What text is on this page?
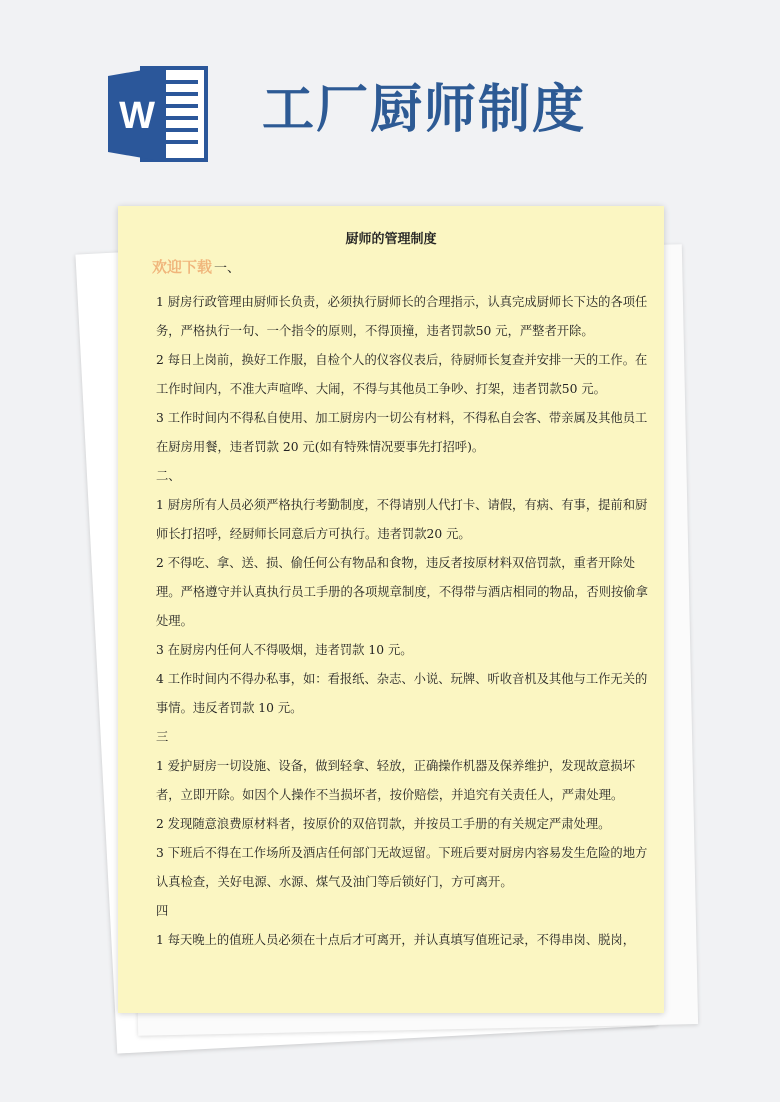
W 工厂厨师制度
厨师的管理制度
欢迎下载 一、

1 厨房行政管理由厨师长负责，必须执行厨师长的合理指示，认真完成厨师长下达的各项任务，严格执行一句、一个指令的原则，不得顶撞，违者罚款50 元，严整者开除。

2 每日上岗前，换好工作服，自检个人的仪容仪表后，待厨师长复查并安排一天的工作。在工作时间内，不准大声喧哗、大闹，不得与其他员工争吵、打架，违者罚款50 元。

3 工作时间内不得私自使用、加工厨房内一切公有材料，不得私自会客、带亲属及其他员工在厨房用餐，违者罚款 20 元(如有特殊情况要事先打招呼)。

二、

1 厨房所有人员必须严格执行考勤制度，不得请别人代打卡、请假，有病、有事，提前和厨师长打招呼，经厨师长同意后方可执行。违者罚款20 元。

2 不得吃、拿、送、损、偷任何公有物品和食物，违反者按原材料双倍罚款，重者开除处理。严格遵守并认真执行员工手册的各项规章制度，不得带与酒店相同的物品，否则按偷拿处理。

3 在厨房内任何人不得吸烟，违者罚款 10 元。

4 工作时间内不得办私事，如：看报纸、杂志、小说、玩牌、听收音机及其他与工作无关的事情。违反者罚款 10 元。

三

1 爱护厨房一切设施、设备，做到轻拿、轻放，正确操作机器及保养维护，发现故意损坏者，立即开除。如因个人操作不当损坏者，按价赔偿，并追究有关责任人，严肃处理。

2 发现随意浪费原材料者，按原价的双倍罚款，并按员工手册的有关规定严肃处理。

3 下班后不得在工作场所及酒店任何部门无故逗留。下班后要对厨房内容易发生危险的地方认真检查，关好电源、水源、煤气及油门等后锁好门，方可离开。

四

1 每天晚上的值班人员必须在十点后才可离开，并认真填写值班记录，不得串岗、脱岗，
